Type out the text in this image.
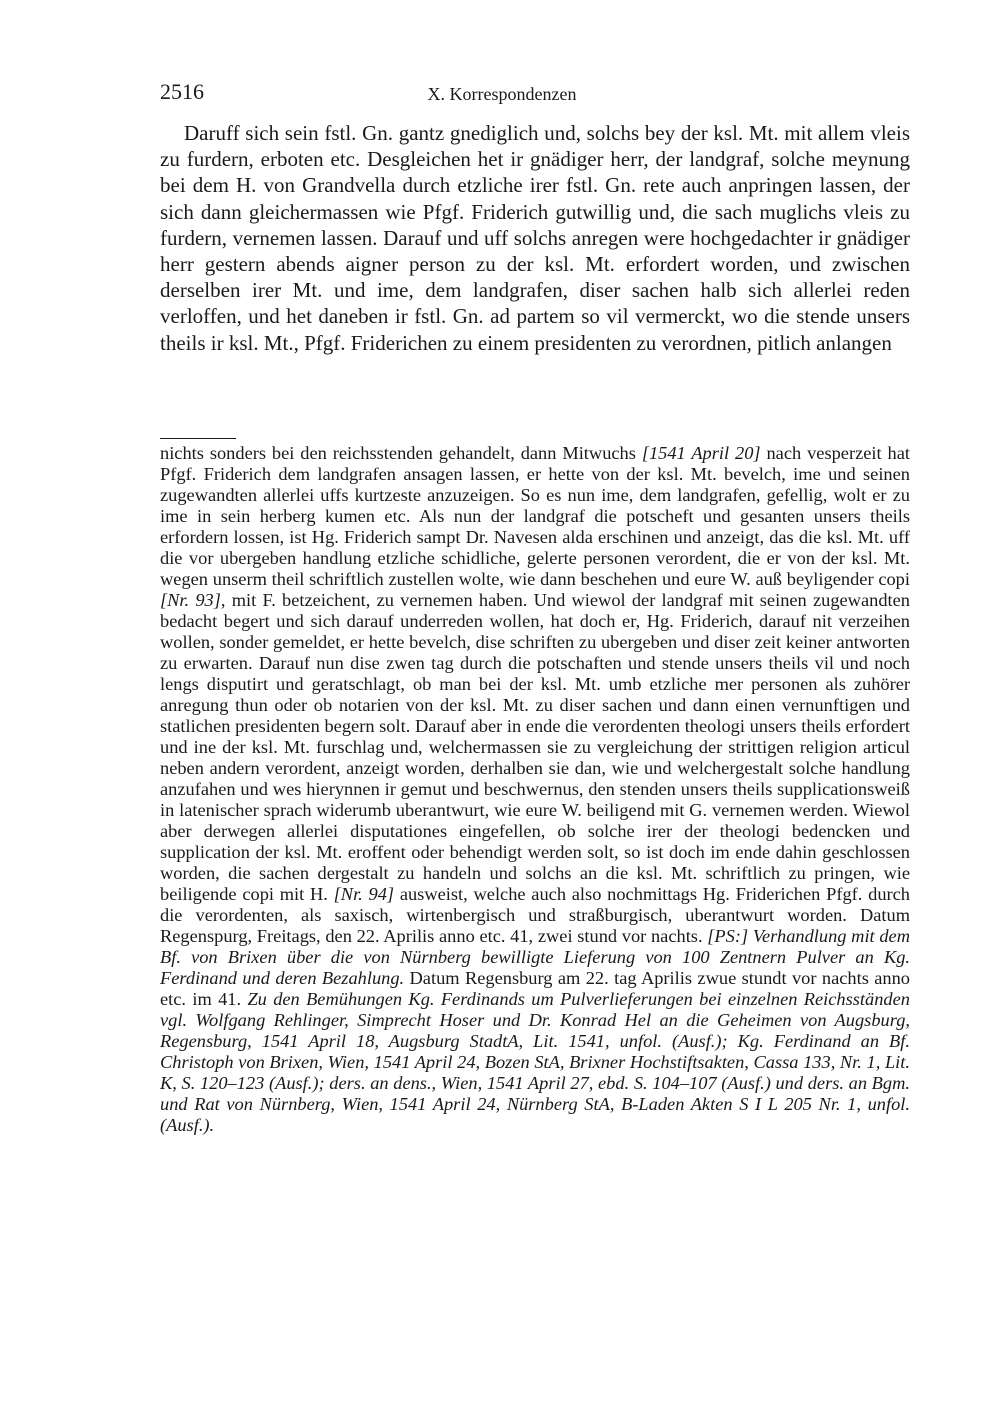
2516	X. Korrespondenzen

Daruff sich sein fstl. Gn. gantz gnediglich und, solchs bey der ksl. Mt. mit allem vleis zu furdern, erboten etc. Desgleichen het ir gnädiger herr, der landgraf, solche meynung bei dem H. von Grandvella durch etzliche irer fstl. Gn. rete auch anpringen lassen, der sich dann gleichermassen wie Pfgf. Friderich gutwillig und, die sach muglichs vleis zu furdern, vernemen lassen. Darauf und uff solchs anregen were hochgedachter ir gnädiger herr gestern abends aigner person zu der ksl. Mt. erfordert worden, und zwischen derselben irer Mt. und ime, dem landgrafen, diser sachen halb sich allerlei reden verloffen, und het daneben ir fstl. Gn. ad partem so vil vermerckt, wo die stende unsers theils ir ksl. Mt., Pfgf. Friderichen zu einem presidenten zu verordnen, pitlich anlangen

nichts sonders bei den reichsstenden gehandelt, dann Mitwuchs [1541 April 20] nach vesperzeit hat Pfgf. Friderich dem landgrafen ansagen lassen, er hette von der ksl. Mt. bevelch, ime und seinen zugewandten allerlei uffs kurtzeste anzuzeigen. So es nun ime, dem landgrafen, gefellig, wolt er zu ime in sein herberg kumen etc. Als nun der landgraf die potscheft und gesanten unsers theils erfordern lossen, ist Hg. Friderich sampt Dr. Navesen alda erschinen und anzeigt, das die ksl. Mt. uff die vor ubergeben handlung etzliche schidliche, gelerte personen verordent, die er von der ksl. Mt. wegen unserm theil schriftlich zustellen wolte, wie dann beschehen und eure W. auß beyligender copi [Nr. 93], mit F. betzeichent, zu vernemen haben. Und wiewol der landgraf mit seinen zugewandten bedacht begert und sich darauf underreden wollen, hat doch er, Hg. Friderich, darauf nit verzeihen wollen, sonder gemeldet, er hette bevelch, dise schriften zu ubergeben und diser zeit keiner antworten zu erwarten. Darauf nun dise zwen tag durch die potschaften und stende unsers theils vil und noch lengs disputirt und geratschlagt, ob man bei der ksl. Mt. umb etzliche mer personen als zuhörer anregung thun oder ob notarien von der ksl. Mt. zu diser sachen und dann einen vernunftigen und statlichen presidenten begern solt. Darauf aber in ende die verordenten theologi unsers theils erfordert und ine der ksl. Mt. furschlag und, welchermassen sie zu vergleichung der strittigen religion articul neben andern verordent, anzeigt worden, derhalben sie dan, wie und welchergestalt solche handlung anzufahen und wes hierynnen ir gemut und beschwernus, den stenden unsers theils supplicationsweiß in latenischer sprach widerumb uberantwurt, wie eure W. beiligend mit G. vernemen werden. Wiewol aber derwegen allerlei disputationes eingefellen, ob solche irer der theologi bedencken und supplication der ksl. Mt. eroffent oder behendigt werden solt, so ist doch im ende dahin geschlossen worden, die sachen dergestalt zu handeln und solchs an die ksl. Mt. schriftlich zu pringen, wie beiligende copi mit H. [Nr. 94] ausweist, welche auch also nochmittags Hg. Friderichen Pfgf. durch die verordenten, als saxisch, wirtenbergisch und straßburgisch, uberantwurt worden. Datum Regenspurg, Freitags, den 22. Aprilis anno etc. 41, zwei stund vor nachts. [PS:] Verhandlung mit dem Bf. von Brixen über die von Nürnberg bewilligte Lieferung von 100 Zentnern Pulver an Kg. Ferdinand und deren Bezahlung. Datum Regensburg am 22. tag Aprilis zwue stundt vor nachts anno etc. im 41. Zu den Bemühungen Kg. Ferdinands um Pulverlieferungen bei einzelnen Reichsständen vgl. Wolfgang Rehlinger, Simprecht Hoser und Dr. Konrad Hel an die Geheimen von Augsburg, Regensburg, 1541 April 18, Augsburg StadtA, Lit. 1541, unfol. (Ausf.); Kg. Ferdinand an Bf. Christoph von Brixen, Wien, 1541 April 24, Bozen StA, Brixner Hochstiftsakten, Cassa 133, Nr. 1, Lit. K, S. 120–123 (Ausf.); ders. an dens., Wien, 1541 April 27, ebd. S. 104–107 (Ausf.) und ders. an Bgm. und Rat von Nürnberg, Wien, 1541 April 24, Nürnberg StA, B-Laden Akten S I L 205 Nr. 1, unfol. (Ausf.).
